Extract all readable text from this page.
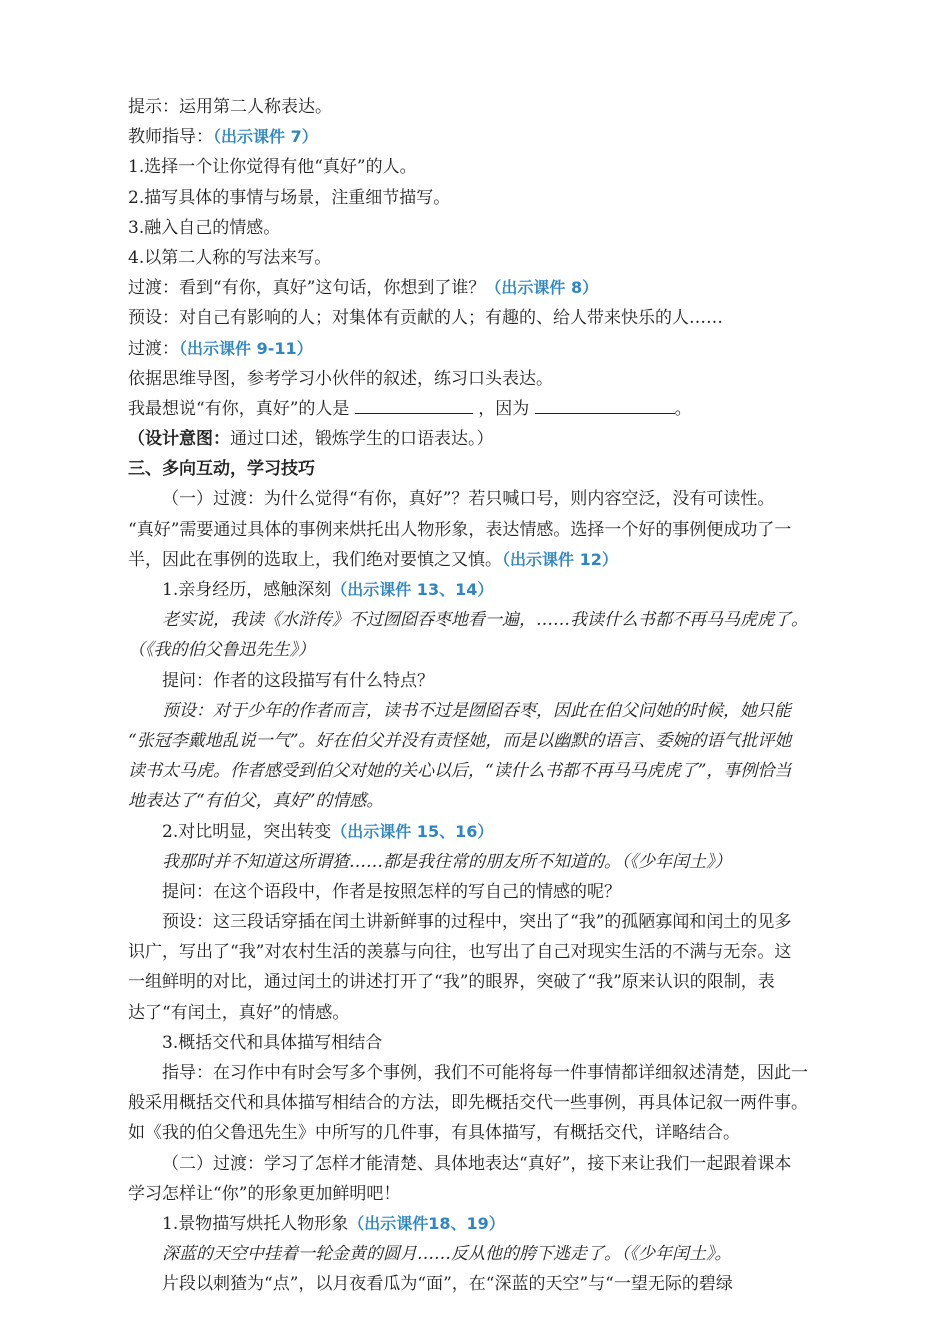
提示：运用第二人称表达。
教师指导：（出示课件 7）
1.选择一个让你觉得有他“真好”的人。
2.描写具体的事情与场景，注重细节描写。
3.融入自己的情感。
4.以第二人称的写法来写。
过渡：看到“有你，真好”这句话，你想到了谁？（出示课件 8）
预设：对自己有影响的人；对集体有贡献的人；有趣的、给人带来快乐的人……
过渡：（出示课件 9-11）
依据思维导图，参考学习小伙伴的叙述，练习口头表达。
我最想说“有你，真好”的人是	，因为	。
（设计意图：通过口述，锻炼学生的口语表达。）
三、多向互动，学习技巧
（一）过渡：为什么觉得“有你，真好”？若只喊口号，则内容空泛，没有可读性。
“真好”需要通过具体的事例来烘托出人物形象，表达情感。选择一个好的事例便成功了一
半，因此在事例的选取上，我们绝对要慎之又慎。（出示课件 12）
1.亲身经历，感触深刻（出示课件 13、14）
老实说，我读《水浒传》不过囫囵吞枣地看一遍，……我读什么书都不再马马虎虎了。
（《我的伯父鲁迅先生》）
提问：作者的这段描写有什么特点？
预设：对于少年的作者而言，读书不过是囫囵吞枣，因此在伯父问她的时候，她只能
“张冠李戴地乱说一气”。好在伯父并没有责怪她，而是以幽默的语言、委婉的语气批评她
读书太马虎。作者感受到伯父对她的关心以后，“读什么书都不再马马虎虎了”，事例恰当
地表达了“有伯父，真好”的情感。
2.对比明显，突出转变（出示课件 15、16）
我那时并不知道这所谓猹……都是我往常的朋友所不知道的。（《少年闰土》）
提问：在这个语段中，作者是按照怎样的写自己的情感的呢？
预设：这三段话穿插在闰土讲新鲜事的过程中，突出了“我”的孤陋寡闻和闰土的见多
识广，写出了“我”对农村生活的羡慕与向往，也写出了自己对现实生活的不满与无奈。这
一组鲜明的对比，通过闰土的讲述打开了“我”的眼界，突破了“我”原来认识的限制，表
达了“有闰土，真好”的情感。
3.概括交代和具体描写相结合
指导：在习作中有时会写多个事例，我们不可能将每一件事情都详细叙述清楚，因此一
般采用概括交代和具体描写相结合的方法，即先概括交代一些事例，再具体记叙一两件事。
如《我的伯父鲁迅先生》中所写的几件事，有具体描写，有概括交代，详略结合。
（二）过渡：学习了怎样才能清楚、具体地表达“真好”，接下来让我们一起跟着课本
学习怎样让“你”的形象更加鲜明吧！
1.景物描写烘托人物形象（出示课件18、19）
深蓝的天空中挂着一轮金黄的圆月……反从他的胯下逃走了。（《少年闰土》。
片段以刺猹为“点”，以月夜看瓜为“面”，在“深蓝的天空”与“一望无际的碧绿
